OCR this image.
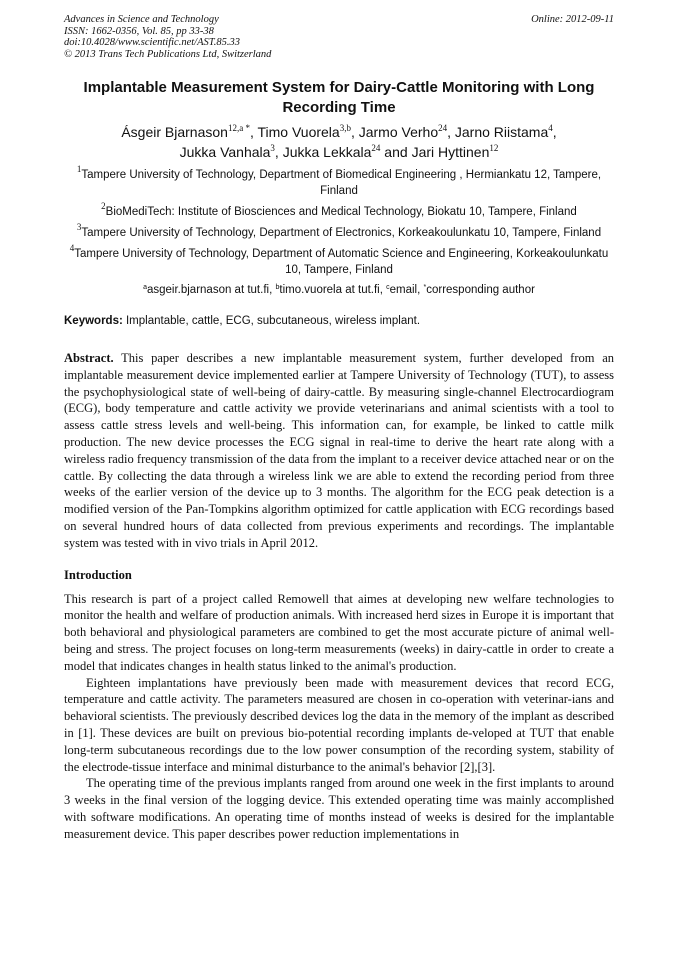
Advances in Science and Technology
ISSN: 1662-0356, Vol. 85, pp 33-38
doi:10.4028/www.scientific.net/AST.85.33
© 2013 Trans Tech Publications Ltd, Switzerland
Online: 2012-09-11
Implantable Measurement System for Dairy-Cattle Monitoring with Long Recording Time
Ásgeir Bjarnason$^{12,a *}$, Timo Vuorela$^{3,b}$, Jarmo Verho$^{24}$, Jarno Riistama$^4$,
Jukka Vanhala$^3$, Jukka Lekkala$^{24}$ and Jari Hyttinen$^{12}$
$^1$Tampere University of Technology, Department of Biomedical Engineering , Hermiankatu 12, Tampere, Finland
$^2$BioMediTech: Institute of Biosciences and Medical Technology, Biokatu 10, Tampere, Finland
$^3$Tampere University of Technology, Department of Electronics, Korkeakoulunkatu 10, Tampere, Finland
$^4$Tampere University of Technology, Department of Automatic Science and Engineering, Korkeakoulunkatu 10, Tampere, Finland
$^a$asgeir.bjarnason at tut.fi, $^b$timo.vuorela at tut.fi, $^c$email, *corresponding author
Keywords: Implantable, cattle, ECG, subcutaneous, wireless implant.

Abstract. This paper describes a new implantable measurement system, further developed from an implantable measurement device implemented earlier at Tampere University of Technology (TUT), to assess the psychophysiological state of well-being of dairy-cattle. By measuring single-channel Electrocardiogram (ECG), body temperature and cattle activity we provide veterinarians and animal scientists with a tool to assess cattle stress levels and well-being. This information can, for example, be linked to cattle milk production. The new device processes the ECG signal in real-time to derive the heart rate along with a wireless radio frequency transmission of the data from the implant to a receiver device attached near or on the cattle. By collecting the data through a wireless link we are able to extend the recording period from three weeks of the earlier version of the device up to 3 months. The algorithm for the ECG peak detection is a modified version of the Pan-Tompkins algorithm optimized for cattle application with ECG recordings based on several hundred hours of data collected from previous experiments and recordings. The implantable system was tested with in vivo trials in April 2012.

Introduction

This research is part of a project called Remowell that aimes at developing new welfare technologies to monitor the health and welfare of production animals. With increased herd sizes in Europe it is important that both behavioral and physiological parameters are combined to get the most accurate picture of animal well-being and stress. The project focuses on long-term measurements (weeks) in dairy-cattle in order to create a model that indicates changes in health status linked to the animal's production.

Eighteen implantations have previously been made with measurement devices that record ECG, temperature and cattle activity. The parameters measured are chosen in co-operation with veterinar-ians and behavioral scientists. The previously described devices log the data in the memory of the implant as described in [1]. These devices are built on previous bio-potential recording implants de-veloped at TUT that enable long-term subcutaneous recordings due to the low power consumption of the recording system, stability of the electrode-tissue interface and minimal disturbance to the animal's behavior [2],[3].

The operating time of the previous implants ranged from around one week in the first implants to around 3 weeks in the final version of the logging device. This extended operating time was mainly accomplished with software modifications. An operating time of months instead of weeks is desired for the implantable measurement device. This paper describes power reduction implementations in
